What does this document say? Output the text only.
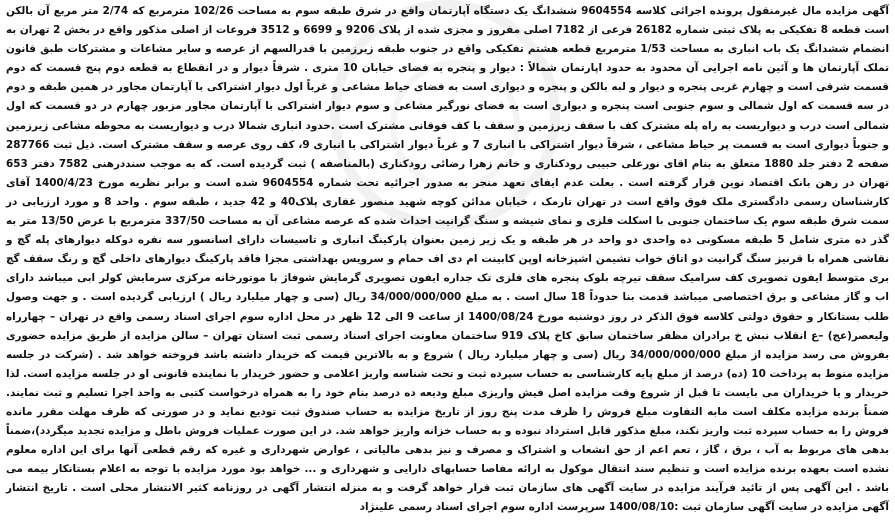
آگهی مزایده مال غیرمنقول پرونده اجرائی کلاسه 9604554 ششدانگ یک دستگاه آپارتمان واقع در شرق طبقه سوم به مساحت 102/26 مترمربع که 2/74 متر مربع آن بالکن است قطعه 8 تفکیکی به پلاک ثبتی شماره 26182 فرعی از 7182 اصلی مفروز و مجزی شده از پلاک 9206 و 6699 و 3512 فروعات از اصلی مذکور واقع در بخش 2 تهران به انضمام ششدانگ یک باب انباری به مساحت 1/53 مترمربع قطعه هشتم تفکیکی واقع در جنوب طبقه زیرزمین با قدرالسهم از عرصه و سایر مشاعات و مشترکات طبق قانون تملک آپارتمان ها و آئین نامه اجرایی آن محدود به حدود اپارتمان شمالاً : دیوار و پنجره به فضای خیابان 10 متری . شرقاً دیوار و در انقطاع به قطعه دوم پنج قسمت که دوم قسمت شرقی است و چهارم غربی پنجره و دیوار و لبه بالکن و پنجره و دیواری است به فضای حیاط مشاعی و غرباً اول دیوار اشتراکی با آپارتمان مجاور در همین طبقه و دوم در سه قسمت که اول شمالی و سوم جنوبی است پنجره و دیواری است به فضای نورگیر مشاعی و سوم دیوار اشتراکی با آپارتمان مجاور مزبور چهارم در دو قسمت که اول شمالی است درب و دیواریست به راه پله مشترک کف با سقف زیرزمین و سقف با کف فوقانی مشترک است .حدود انباری شمالا درب و دیواریست به محوطه مشاعی زیرزمین و جنوباً دیواری است به قسمت پر حیاط مشاعی ، شرقاً دیوار اشتراکی با انباری 7 و غرباً دیوار اشتراکی با انباری 9، کف روی عرصه و سقف مشترک است. ذیل ثبت 287766 صفحه 2 دفتر جلد 1880 متعلق به بنام اقای نورعلی حبیبی رودکناری و خانم زهرا رضائی رودکناری (بالمناصفه ) ثبت گردیده است. که به موجب سنددرهنی 7582 دفتر 653 تهران در رهن بانک اقتصاد نوین قرار گرفته است . بعلت عدم ایفای تعهد منجر به صدور اجرائیه تحت شماره 9604554 شده است و برابر نظریه مورخ 1400/4/23 آقای کارشناسان رسمی دادگستری ملک فوق واقع است در تهران تارمک ، خیابان مدائن کوچه شهید منصور غفاری پلاک40 و 42 جدید ، طبقه سوم . واحد 8 و مورد ارزیابی در سمت شرق طبقه سوم یک ساختمان جنوبی با اسکلت فلزی و نمای شیشه و سنگ گرانیت احداث شده که عرصه مشاعی آن به مساحت 337/50 مترمربع با عرض 13/50 متر به گذر ده متری شامل 5 طبقه مسکونی ده واحدی دو واحد در هر طبقه و یک زیر زمین بعنوان پارکینگ انباری و تاسیسات دارای اسانسور سه نفره دوکله دیوارهای پله گچ و نقاشی همراه با قرنیز سنگ گرانیت دو اتاق خواب تشیمن اشپزخانه اوپن کابینت ام دی اف حمام و سرویس بهداشتی مجزا فاقد پارکینگ دیوارهای داخلی گچ و رنگ سقف گچ بری متوسط ایفون تصویری کف سرامیک سقف تیرچه بلوک پنجره های فلزی تک جداره ایفون تصویری گرمایش شوفاژ با موتورخانه مرکزی سرمایش کولر ابی میباشد دارای اب و گاز مشاعی و برق اختصاصی میباشد قدمت بنا حدوداً 18 سال است . به مبلغ 34/000/000/000 ریال (سی و چهار میلیارد ریال ) ارزیابی گردیده است . و جهت وصول طلب بستانکار و حقوق دولتی کلاسه فوق الذکر در روز دوشنبه مورخ 1400/08/24 از ساعت 9 الی 12 ظهر در محل اداره سوم اجرای اسناد رسمی واقع در تهران – چهارراه ولیعصر(عج) –ع انقلاب نبش خ برادران مظفر ساختمان سابق کاخ پلاک 919 ساختمان معاونت اجرای اسناد رسمی ثبت استان تهران – سالن مزایده از طریق مزایده حضوری بفروش می رسد مزایده از مبلغ 34/000/000/000 ریال (سی و چهار میلیارد ریال ) شروع و به بالاترین قیمت که خریدار داشته باشد فروخته خواهد شد . (شرکت در جلسه مزایده منوط به پرداخت 10 (ده) درصد از مبلغ پایه کارشناسی به حساب سپرده ثبت و تحت شناسه واریز اعلامی و حضور خریدار با نماینده قانونی او در جلسه مزایده است. لذا خریدار و یا خریداران می بایست تا قبل از شروع وقت مزایده اصل فیش واریزی مبلغ ودیعه ده درصد بنام خود را به همراه درخواست کتبی به واحد اجرا تسلیم و ثبت نمایند. ضمناً برنده مزایده مکلف است مابه التفاوت مبلغ فروش را ظرف مدت پنج روز از تاریخ مزایده به حساب صندوق ثبت تودیع نماید و در صورتی که ظرف مهلت مقرر مانده فروش را به حساب سپرده ثبت واریز نکند، مبلغ مذکور قابل استرداد نبوده و به حساب خزانه واریز خواهد شد. در این صورت عملیات فروش باطل و مزایده تجدید میگردد)،ضمناً بدهی های مربوط به آب ، برق ، گاز ، تعم اعم از حق انشعاب و اشتراک و مصرف و نیز بدهی مالیاتی ، عوارض شهرداری و غیره که رقم قطعی آنها برای این اداره معلوم نشده است بعهده برنده مزایده است و تنظیم سند انتقال موکول به ارائه مفاصا حسابهای دارایی و شهرداری و ... خواهد بود مورد مزایده با توجه به اعلام بستانکار بیمه می باشد . این آگهی پس از تائید فرآیند مزایده در سایت آگهی های سازمان ثبت قرار خواهد گرفت و به منزله انتشار آگهی در روزنامه کثیر الانتشار محلی است . تاریخ انتشار آگهی مزایده در سایت آگهی سازمان ثبت :1400/08/10 سرپرست اداره سوم اجرای اسناد رسمی علینژاد
